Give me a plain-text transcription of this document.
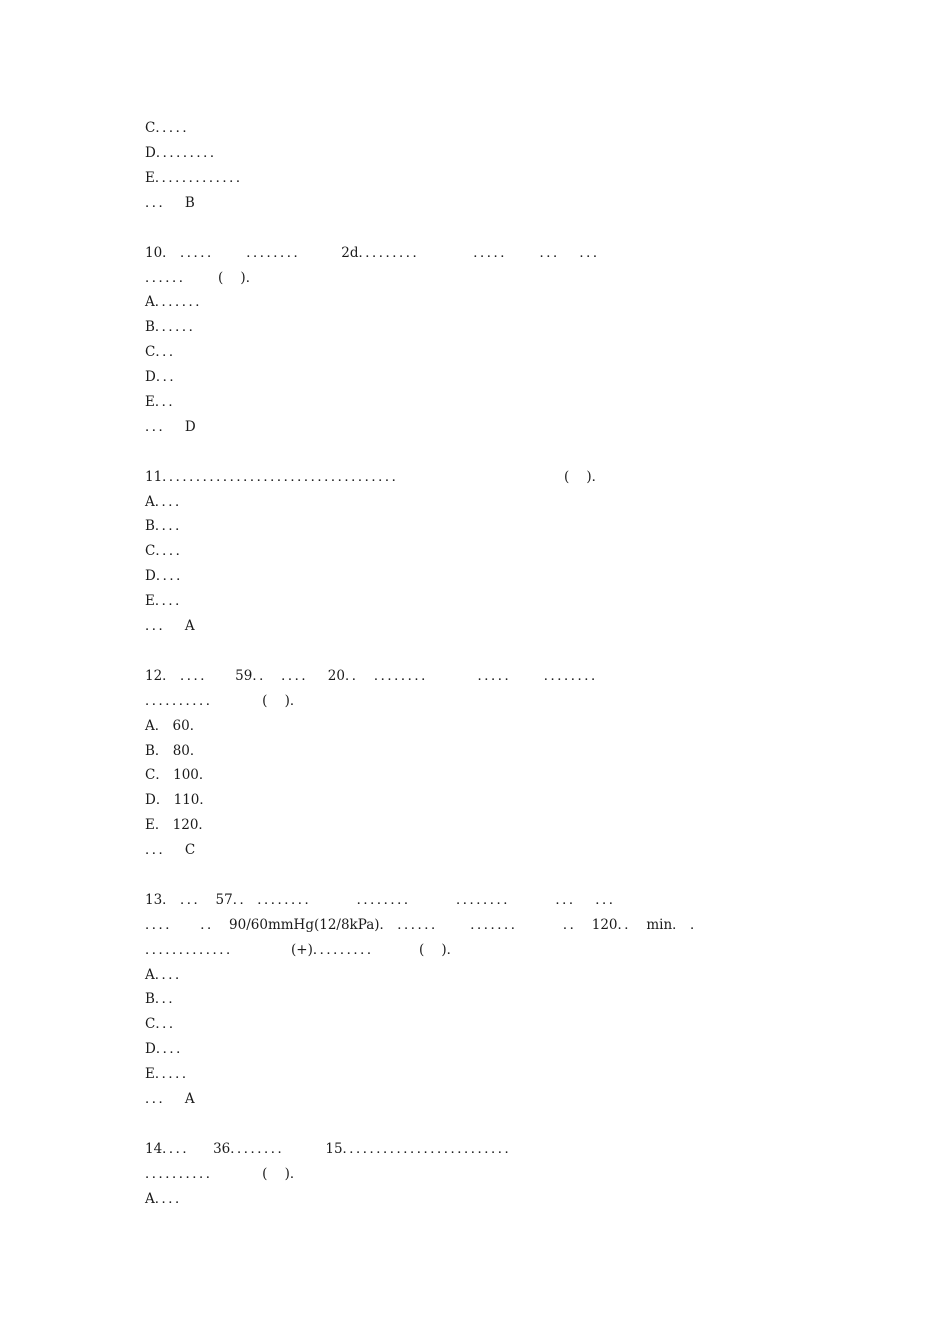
C．．．．．

D．．．．．．．．．

E．．．．．．．．．．．．．

．．．   B

10． ．．．．．      ．．．．．．．．        2d．．．．．．．．．           ．．．．．      ．．．   ．．．

．．．．．．      (    )．

A．．．．．．．

B．．．．．．

C．．．

D．．．

E．．．

．．．   D

11．．．．．．．．．．．．．．．．．．．．．．．．．．．．．．．．．．．                                     (    )．

A．．．．

B．．．．

C．．．．

D．．．．

E．．．．

．．．   A

12． ．．．．     59．．  ．．．．   20．．  ．．．．．．．．          ．．．．．      ．．．．．．．．

．．．．．．．．．．          (    )．

A． 60．

B． 80．

C． 100．

D． 110．

E． 120．

．．．   C

13． ．．．  57．． ．．．．．．．．         ．．．．．．．．         ．．．．．．．．         ．．．   ．．．

．．．．     ．．  90/60mmHg(12/8kPa)． ．．．．．．      ．．．．．．．         ．．  120．．  min． ．

．．．．．．．．．．．．．            (+)．．．．．．．．．         (    )．

A．．．．

B．．．

C．．．

D．．．．

E．．．．．

．．．   A

14．．．．    36．．．．．．．．        15．．．．．．．．．．．．．．．．．．．．．．．．．

．．．．．．．．．．          (    )．

A．．．．
